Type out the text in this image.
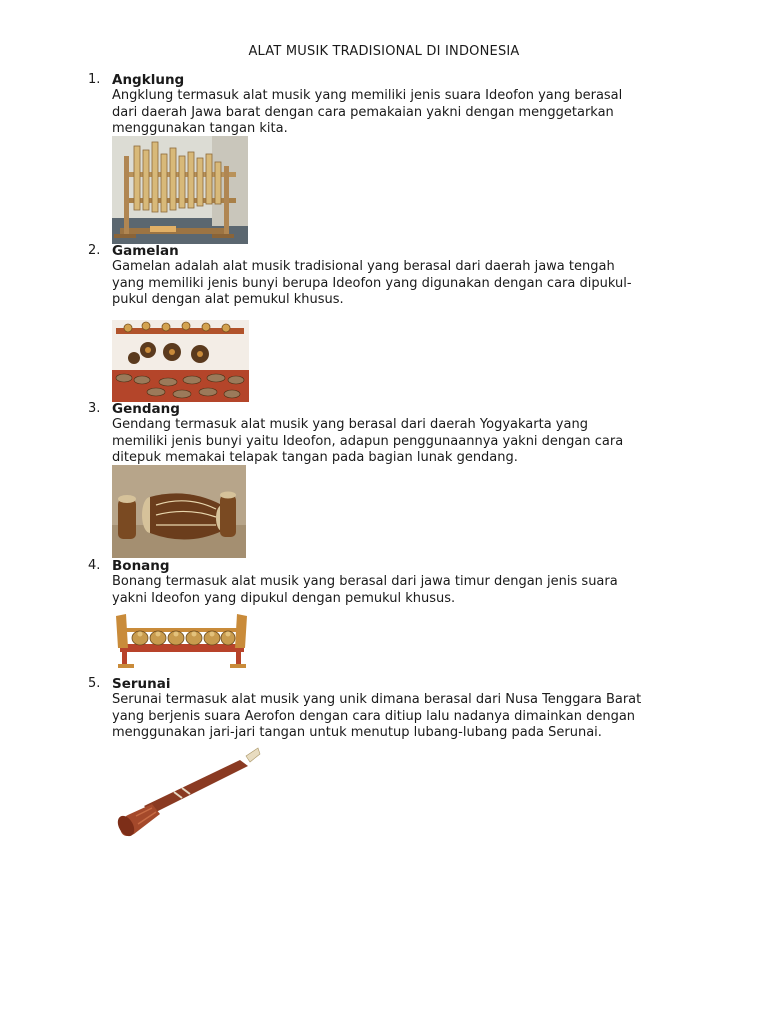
ALAT MUSIK TRADISIONAL DI INDONESIA
1. Angklung

Angklung termasuk alat musik yang memiliki jenis suara Ideofon yang berasal
dari daerah Jawa barat dengan cara pemakaian yakni dengan menggetarkan
menggunakan tangan kita.

2. Gamelan

Gamelan adalah alat musik tradisional yang berasal dari daerah jawa tengah
yang memiliki jenis bunyi berupa Ideofon yang digunakan dengan cara dipukul-
pukul dengan alat pemukul khusus.

3. Gendang

Gendang termasuk alat musik yang berasal dari daerah Yogyakarta yang
memiliki jenis bunyi yaitu Ideofon, adapun penggunaannya yakni dengan cara
ditepuk memakai telapak tangan pada bagian lunak gendang.

4. Bonang

Bonang termasuk alat musik yang berasal dari jawa timur dengan jenis suara
yakni Ideofon yang dipukul dengan pemukul khusus.

5. Serunai

Serunai termasuk alat musik yang unik dimana berasal dari Nusa Tenggara Barat
yang berjenis suara Aerofon dengan cara ditiup lalu nadanya dimainkan dengan
menggunakan jari-jari tangan untuk menutup lubang-lubang pada Serunai.
